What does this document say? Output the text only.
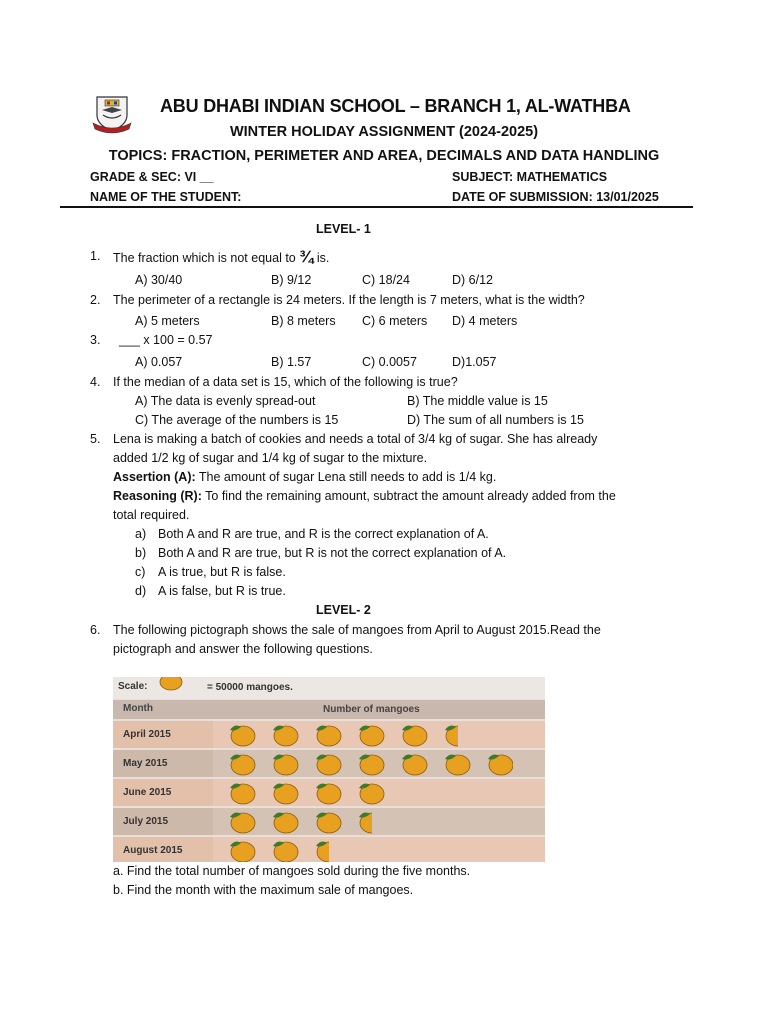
ABU DHABI INDIAN SCHOOL – BRANCH 1, AL-WATHBA
WINTER HOLIDAY ASSIGNMENT (2024-2025)
TOPICS: FRACTION, PERIMETER AND AREA, DECIMALS AND DATA HANDLING
GRADE & SEC: VI __	SUBJECT: MATHEMATICS
NAME OF THE STUDENT:	DATE OF SUBMISSION: 13/01/2025
LEVEL- 1
1. The fraction which is not equal to ¾ is.
A) 30/40	B) 9/12	C) 18/24	D) 6/12
2. The perimeter of a rectangle is 24 meters. If the length is 7 meters, what is the width?
A) 5 meters	B) 8 meters C) 6 meters D) 4 meters
3. ___ x 100 = 0.57
A) 0.057	B) 1.57	C) 0.0057	D)1.057
4. If the median of a data set is 15, which of the following is true?
A) The data is evenly spread-out	B) The middle value is 15
C) The average of the numbers is 15	D) The sum of all numbers is 15
5. Lena is making a batch of cookies and needs a total of 3/4 kg of sugar. She has already
added 1/2 kg of sugar and 1/4 kg of sugar to the mixture.
Assertion (A): The amount of sugar Lena still needs to add is 1/4 kg.
Reasoning (R): To find the remaining amount, subtract the amount already added from the
total required.
a) Both A and R are true, and R is the correct explanation of A.
b) Both A and R are true, but R is not the correct explanation of A.
c) A is true, but R is false.
d) A is false, but R is true.
LEVEL- 2
6. The following pictograph shows the sale of mangoes from April to August 2015.Read the
pictograph and answer the following questions.
Scale:	= 50000 mangoes.
Month	Number of mangoes
April 2015
May 2015
June 2015
July 2015
August 2015
a. Find the total number of mangoes sold during the five months.
b. Find the month with the maximum sale of mangoes.
